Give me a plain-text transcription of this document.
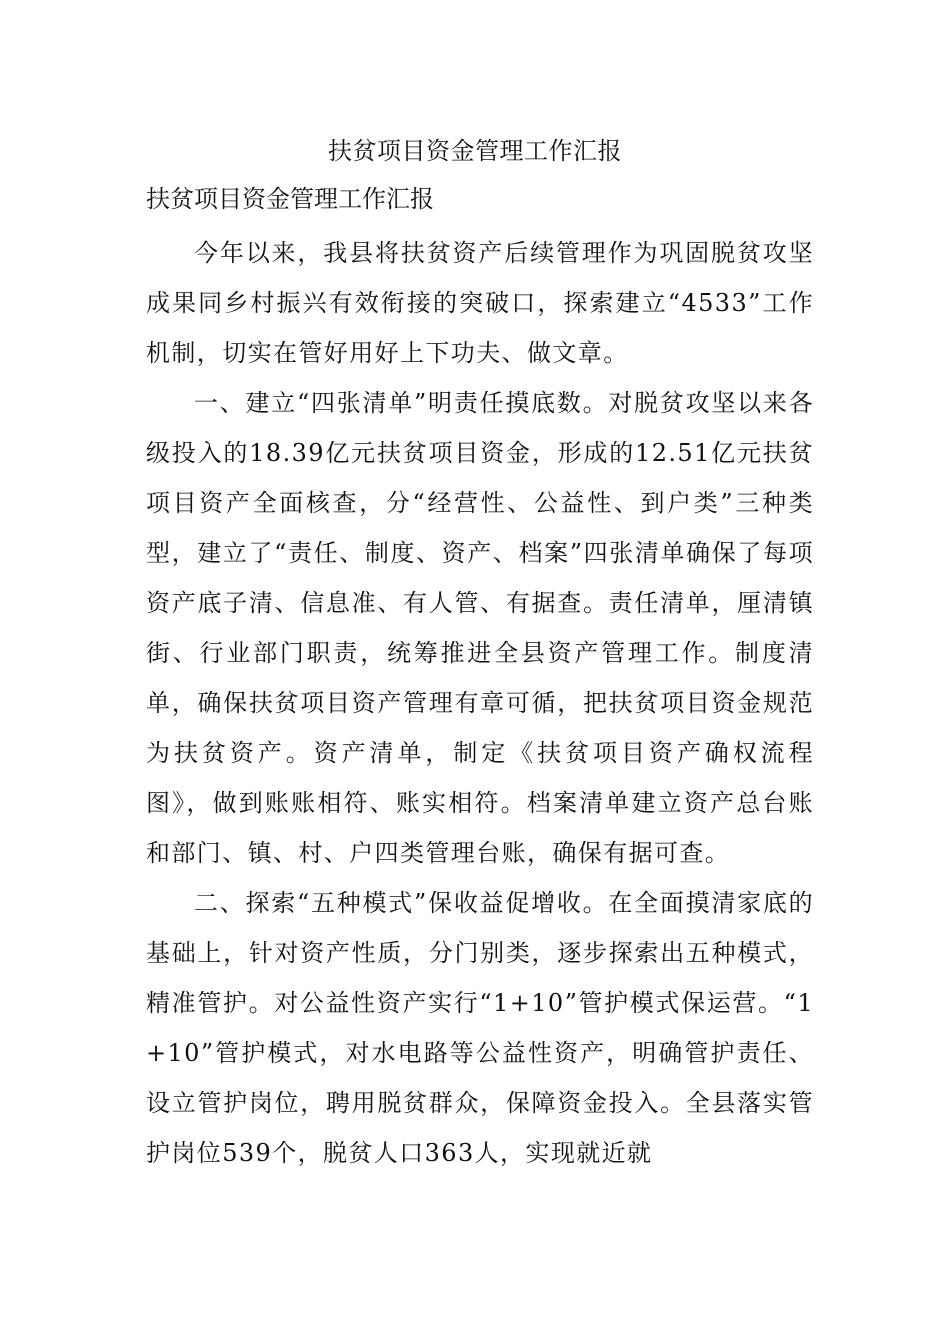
扶贫项目资金管理工作汇报
扶贫项目资金管理工作汇报

今年以来，我县将扶贫资产后续管理作为巩固脱贫攻坚成果同乡村振兴有效衔接的突破口，探索建立“4533”工作机制，切实在管好用好上下功夫、做文章。

一、建立“四张清单”明责任摸底数。对脱贫攻坚以来各级投入的18.39亿元扶贫项目资金，形成的12.51亿元扶贫项目资产全面核查，分“经营性、公益性、到户类”三种类型，建立了“责任、制度、资产、档案”四张清单确保了每项资产底子清、信息准、有人管、有据查。责任清单，厘清镇街、行业部门职责，统筹推进全县资产管理工作。制度清单，确保扶贫项目资产管理有章可循，把扶贫项目资金规范为扶贫资产。资产清单，制定《扶贫项目资产确权流程图》，做到账账相符、账实相符。档案清单建立资产总台账和部门、镇、村、户四类管理台账，确保有据可查。

二、探索“五种模式”保收益促增收。在全面摸清家底的基础上，针对资产性质，分门别类，逐步探索出五种模式，精准管护。对公益性资产实行“1+10”管护模式保运营。“1+10”管护模式，对水电路等公益性资产，明确管护责任、设立管护岗位，聘用脱贫群众，保障资金投入。全县落实管护岗位539个，脱贫人口363人，实现就近就
